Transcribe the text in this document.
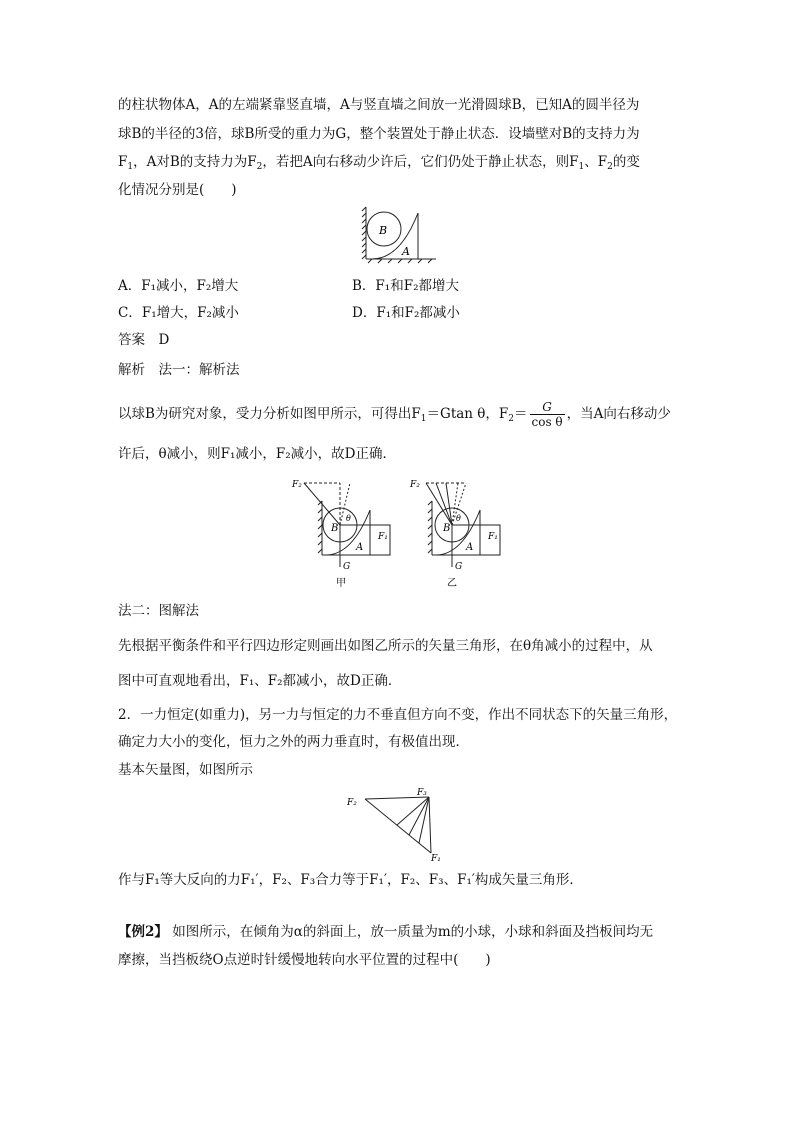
的柱状物体A，A的左端紧靠竖直墙，A与竖直墙之间放一光滑圆球B，已知A的圆半径为
球B的半径的3倍，球B所受的重力为G，整个装置处于静止状态．设墙壁对B的支持力为
$F_1$，A对B的支持力为$F_2$，若把A向右移动少许后，它们仍处于静止状态，则$F_1$、$F_2$的变
化情况分别是(　　)
B
A
A．F₁减小，F₂增大	B．F₁和F₂都增大
C．F₁增大，F₂减小	D．F₁和F₂都减小
答案　D
解析　法一：解析法
以球B为研究对象，受力分析如图甲所示，可得出$F_1=Gtan$ θ，$F_2= \frac{G}{\text{cos θ}}$ ，当A向右移动少
许后，θ减小，则F₁减小，F₂减小，故D正确．
F₂
F₁
B
θ
A
G
甲
F₂
F₁
B
θ
A
G
乙
法二：图解法
先根据平衡条件和平行四边形定则画出如图乙所示的矢量三角形，在θ角减小的过程中，从
图中可直观地看出，F₁、F₂都减小，故D正确．
2．一力恒定(如重力)，另一力与恒定的力不垂直但方向不变，作出不同状态下的矢量三角形，
确定力大小的变化，恒力之外的两力垂直时，有极值出现．
基本矢量图，如图所示
F₂
F₃
F₁
作与F₁等大反向的力F₁′，F₂、F₃合力等于F₁′，F₂、F₃、F₁′构成矢量三角形．
【例2】 如图所示，在倾角为α的斜面上，放一质量为m的小球，小球和斜面及挡板间均无
摩擦，当挡板绕O点逆时针缓慢地转向水平位置的过程中(　　)
